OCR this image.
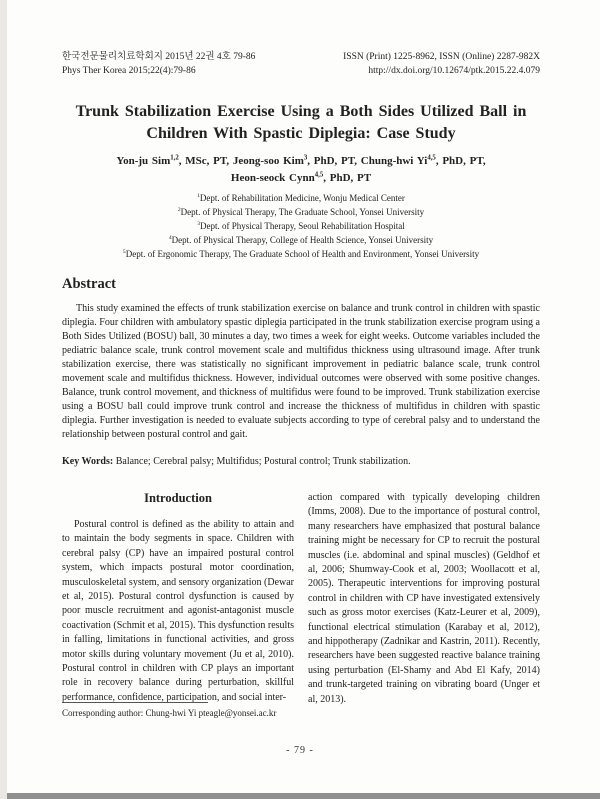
한국전문물리치료학회지 2015년 22권 4호 79-86
Phys Ther Korea 2015;22(4):79-86
ISSN (Print) 1225-8962, ISSN (Online) 2287-982X
http://dx.doi.org/10.12674/ptk.2015.22.4.079
Trunk Stabilization Exercise Using a Both Sides Utilized Ball in Children With Spastic Diplegia: Case Study
Yon-ju Sim$^{1,2}$, MSc, PT, Jeong-soo Kim$^3$, PhD, PT, Chung-hwi Yi$^{4,5}$, PhD, PT,
Heon-seock Cynn$^{4,5}$, PhD, PT
$^1$Dept. of Rehabilitation Medicine, Wonju Medical Center
$^2$Dept. of Physical Therapy, The Graduate School, Yonsei University
$^3$Dept. of Physical Therapy, Seoul Rehabilitation Hospital
$^4$Dept. of Physical Therapy, College of Health Science, Yonsei University
$^5$Dept. of Ergonomic Therapy, The Graduate School of Health and Environment, Yonsei University
Abstract
This study examined the effects of trunk stabilization exercise on balance and trunk control in children with spastic diplegia. Four children with ambulatory spastic diplegia participated in the trunk stabilization exercise program using a Both Sides Utilized (BOSU) ball, 30 minutes a day, two times a week for eight weeks. Outcome variables included the pediatric balance scale, trunk control movement scale and multifidus thickness using ultrasound image. After trunk stabilization exercise, there was statistically no significant improvement in pediatric balance scale, trunk control movement scale and multifidus thickness. However, individual outcomes were observed with some positive changes. Balance, trunk control movement, and thickness of multifidus were found to be improved. Trunk stabilization exercise using a BOSU ball could improve trunk control and increase the thickness of multifidus in children with spastic diplegia. Further investigation is needed to evaluate subjects according to type of cerebral palsy and to understand the relationship between postural control and gait.
Key Words: Balance; Cerebral palsy; Multifidus; Postural control; Trunk stabilization.
Introduction
Postural control is defined as the ability to attain and to maintain the body segments in space. Children with cerebral palsy (CP) have an impaired postural control system, which impacts postural motor coordination, musculoskeletal system, and sensory organization (Dewar et al, 2015). Postural control dysfunction is caused by poor muscle recruitment and agonist-antagonist muscle coactivation (Schmit et al, 2015). This dysfunction results in falling, limitations in functional activities, and gross motor skills during voluntary movement (Ju et al, 2010). Postural control in children with CP plays an important role in recovery balance during perturbation, skillful performance, confidence, participation, and social inter-
action compared with typically developing children (Imms, 2008). Due to the importance of postural control, many researchers have emphasized that postural balance training might be necessary for CP to recruit the postural muscles (i.e. abdominal and spinal muscles) (Geldhof et al, 2006; Shumway-Cook et al, 2003; Woollacott et al, 2005). Therapeutic interventions for improving postural control in children with CP have investigated extensively such as gross motor exercises (Katz-Leurer et al, 2009), functional electrical stimulation (Karabay et al, 2012), and hippotherapy (Zadnikar and Kastrin, 2011). Recently, researchers have been suggested reactive balance training using perturbation (El-Shamy and Abd El Kafy, 2014) and trunk-targeted training on vibrating board (Unger et al, 2013).
Corresponding author: Chung-hwi Yi pteagle@yonsei.ac.kr
- 79 -
